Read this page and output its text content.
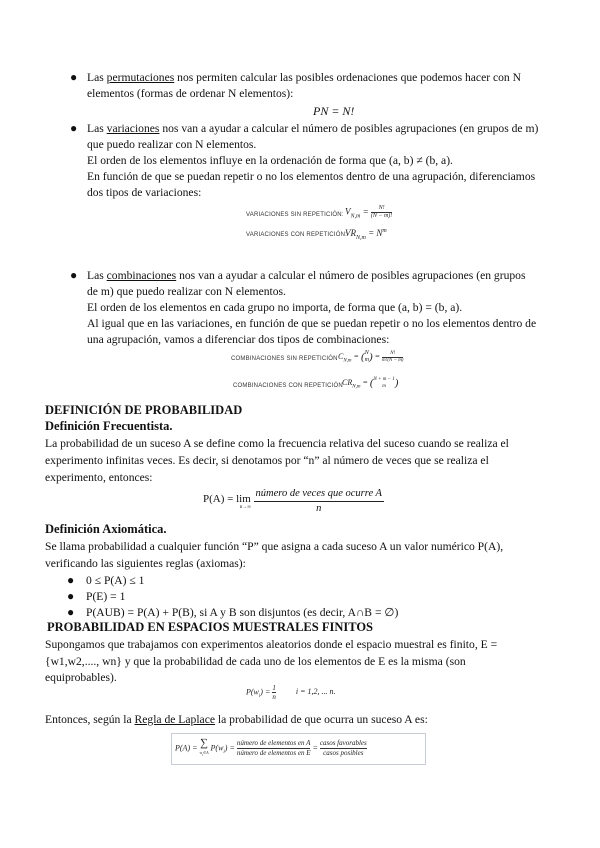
● Las permutaciones nos permiten calcular las posibles ordenaciones que podemos hacer con N
elementos (formas de ordenar N elementos):
PN = N!
● Las variaciones nos van a ayudar a calcular el número de posibles agrupaciones (en grupos de m)
que puedo realizar con N elementos.
El orden de los elementos influye en la ordenación de forma que (a, b) ≠ (b, a).
En función de que se puedan repetir o no los elementos dentro de una agrupación, diferenciamos
dos tipos de variaciones:
VARIACIONES SIN REPETICIÓN: $V_{N,m} = \frac{N!}{(N - m)!}$
VARIACIONES CON REPETICIÓN:
$VR_{N,m} = N^m$
● Las combinaciones nos van a ayudar a calcular el número de posibles agrupaciones (en grupos
de m) que puedo realizar con N elementos.
El orden de los elementos en cada grupo no importa, de forma que (a, b) = (b, a).
Al igual que en las variaciones, en función de que se puedan repetir o no los elementos dentro de
una agrupación, vamos a diferenciar dos tipos de combinaciones:
COMBINACIONES SIN REPETICIÓN $C_{N,m}$ = ( N
m ) = $\frac{N!}{m!(N - m)}$
COMBINACIONES CON REPETICIÓN $CR_{N,m}$ = ( N + m − 1
m )
DEFINICIÓN DE PROBABILIDAD
Definición Frecuentista.
La probabilidad de un suceso A se define como la frecuencia relativa del suceso cuando se realiza el
experimento infinitas veces. Es decir, si denotamos por “n” al número de veces que se realiza el
experimento, entonces:
P(A) = lim
n→∞

número de veces que ocurre A
n
Definición Axiomática.
Se llama probabilidad a cualquier función “P” que asigna a cada suceso A un valor numérico P(A),
verificando las siguientes reglas (axiomas):
● 0 ≤ P(A) ≤ 1
● P(E) = 1
● P(AUB) = P(A) + P(B), si A y B son disjuntos (es decir, A∩B = ∅)
PROBABILIDAD EN ESPACIOS MUESTRALES FINITOS
Supongamos que trabajamos con experimentos aleatorios donde el espacio muestral es finito, E =
{w1,w2,...., wn} y que la probabilidad de cada uno de los elementos de E es la misma (son
equiprobables).
$P(w_i) = \frac{1}{n}$	i = 1,2, ... n.
Entonces, según la Regla de Laplace la probabilidad de que ocurra un suceso A es:
P(A) = ∑
$w_i\in A$
$P(w_i)$ =
número de elementos en A
número de elementos en E
=
casos favorables
casos posibles
